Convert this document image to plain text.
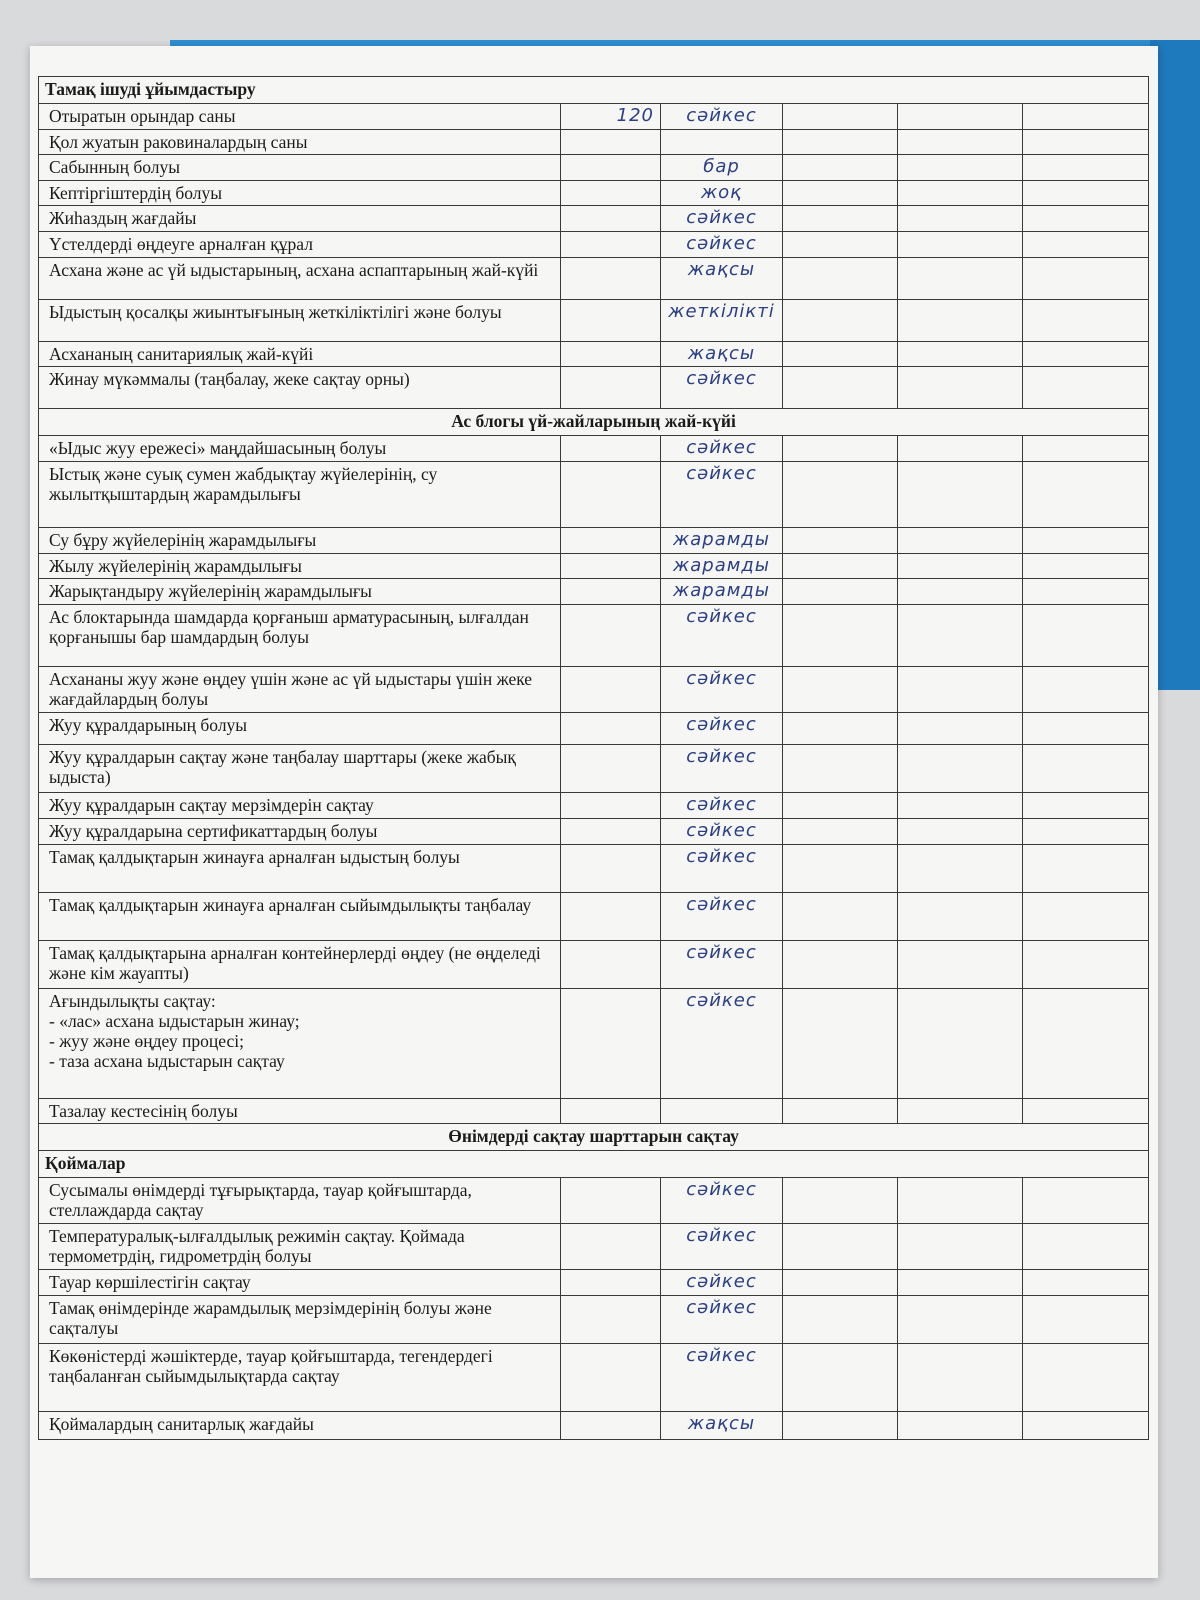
Тамақ ішуді ұйымдастыру					
Отыратын орындар саны	120	сәйкес			
Қол жуатын раковиналардың саны					
Сабынның болуы		бар			
Кептіргіштердің болуы		жоқ			
Жиһаздың жағдайы		сәйкес			
Үстелдерді өңдеуге арналған құрал		сәйкес			
Асхана және ас үй ыдыстарының, асхана аспаптарының жай-күйі		жақсы			
Ыдыстың қосалқы жиынтығының жеткіліктілігі және болуы		жеткілікті			
Асхананың санитариялық жай-күйі		жақсы			
Жинау мүкәммалы (таңбалау, жеке сақтау орны)		сәйкес			
Ас блогы үй-жайларының жай-күйі					
«Ыдыс жуу ережесі» маңдайшасының болуы		сәйкес			
Ыстық және суық сумен жабдықтау жүйелерінің, су жылытқыштардың жарамдылығы		сәйкес			
Су бұру жүйелерінің жарамдылығы		жарамды			
Жылу жүйелерінің жарамдылығы		жарамды			
Жарықтандыру жүйелерінің жарамдылығы		жарамды			
Ас блоктарында шамдарда қорғаныш арматурасының, ылғалдан қорғанышы бар шамдардың болуы		сәйкес			
Асхананы жуу және өңдеу үшін және ас үй ыдыстары үшін жеке жағдайлардың болуы		сәйкес			
Жуу құралдарының болуы		сәйкес			
Жуу құралдарын сақтау және таңбалау шарттары (жеке жабық ыдыста)		сәйкес			
Жуу құралдарын сақтау мерзімдерін сақтау		сәйкес			
Жуу құралдарына сертификаттардың болуы		сәйкес			
Тамақ қалдықтарын жинауға арналған ыдыстың болуы		сәйкес			
Тамақ қалдықтарын жинауға арналған сыйымдылықты таңбалау		сәйкес			
Тамақ қалдықтарына арналған контейнерлерді өңдеу (не өңделеді және кім жауапты)		сәйкес			
Ағындылықты сақтау:
- «лас» асхана ыдыстарын жинау;
- жуу және өңдеу процесі;
- таза асхана ыдыстарын сақтау		сәйкес			
Тазалау кестесінің болуы					
Өнімдерді сақтау шарттарын сақтау					
Қоймалар					
Сусымалы өнімдерді тұғырықтарда, тауар қойғыштарда, стеллаждарда сақтау		сәйкес			
Температуралық-ылғалдылық режимін сақтау. Қоймада термометрдің, гидрометрдің болуы		сәйкес			
Тауар көршілестігін сақтау		сәйкес			
Тамақ өнімдерінде жарамдылық мерзімдерінің болуы және сақталуы		сәйкес			
Көкөністерді жәшіктерде, тауар қойғыштарда, тегендердегі таңбаланған сыйымдылықтарда сақтау		сәйкес			
Қоймалардың санитарлық жағдайы		жақсы			
